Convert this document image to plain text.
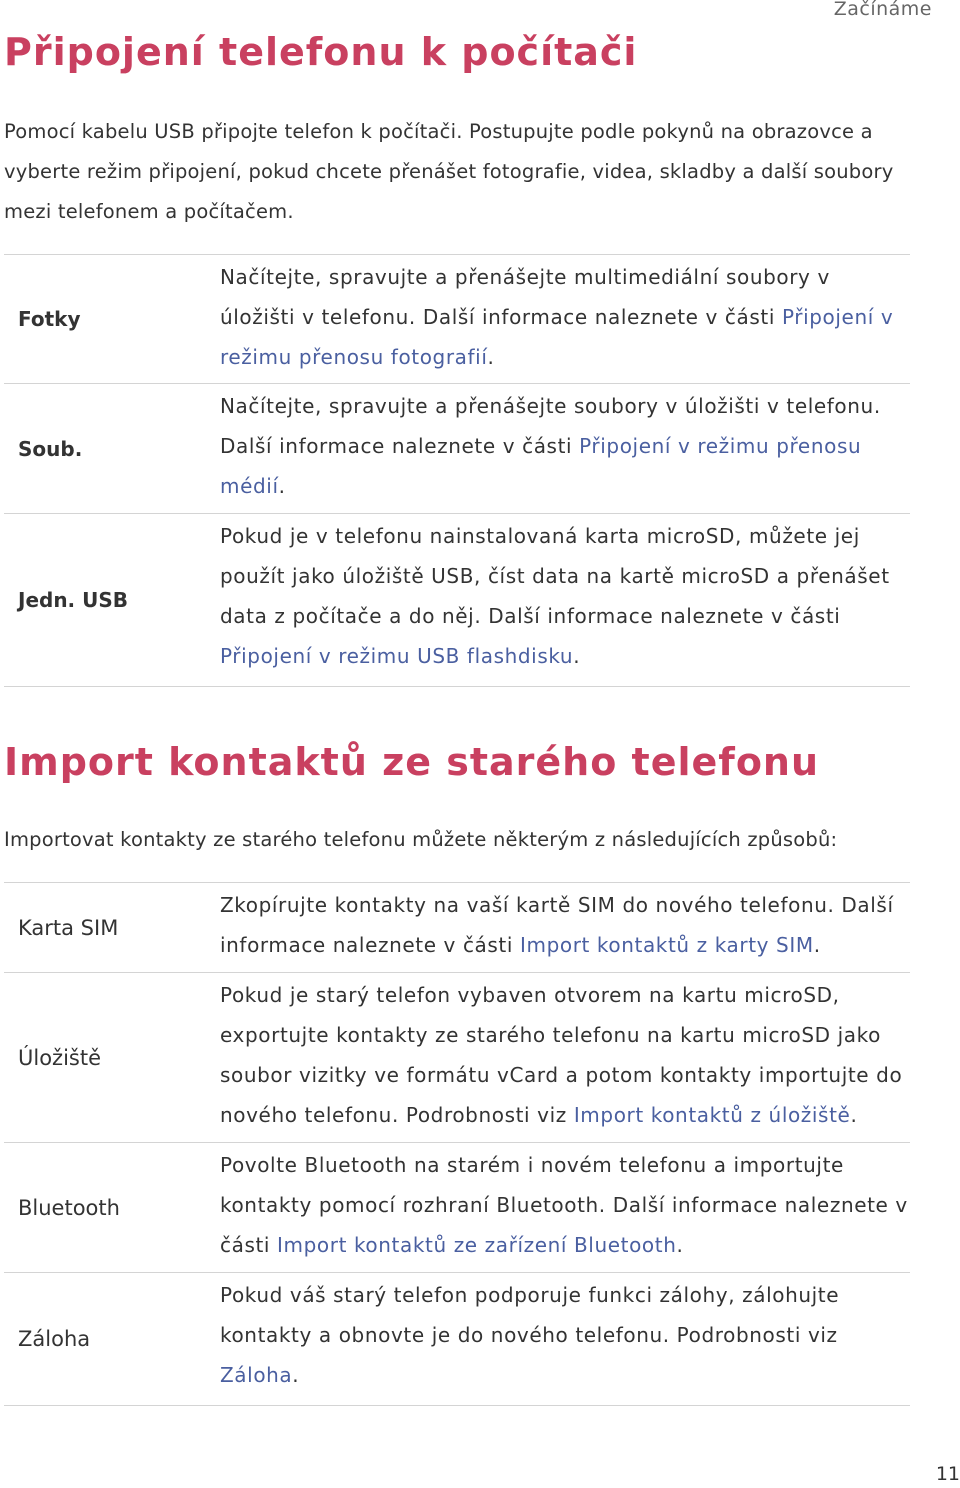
Začínáme
Připojení telefonu k počítači

Pomocí kabelu USB připojte telefon k počítači. Postupujte podle pokynů na obrazovce a vyberte režim připojení, pokud chcete přenášet fotografie, videa, skladby a další soubory mezi telefonem a počítačem.

Fotky
Načítejte, spravujte a přenášejte multimediální soubory v úložišti v telefonu. Další informace naleznete v části Připojení v režimu přenosu fotografií.
Soub.
Načítejte, spravujte a přenášejte soubory v úložišti v telefonu. Další informace naleznete v části Připojení v režimu přenosu médií.
Jedn. USB
Pokud je v telefonu nainstalovaná karta microSD, můžete jej použít jako úložiště USB, číst data na kartě microSD a přenášet data z počítače a do něj. Další informace naleznete v části Připojení v režimu USB flashdisku.
Import kontaktů ze starého telefonu

Importovat kontakty ze starého telefonu můžete některým z následujících způsobů:

Karta SIM
Zkopírujte kontakty na vaší kartě SIM do nového telefonu. Další informace naleznete v části Import kontaktů z karty SIM.
Úložiště
Pokud je starý telefon vybaven otvorem na kartu microSD, exportujte kontakty ze starého telefonu na kartu microSD jako soubor vizitky ve formátu vCard a potom kontakty importujte do nového telefonu. Podrobnosti viz Import kontaktů z úložiště.
Bluetooth
Povolte Bluetooth na starém i novém telefonu a importujte kontakty pomocí rozhraní Bluetooth. Další informace naleznete v části Import kontaktů ze zařízení Bluetooth.
Záloha
Pokud váš starý telefon podporuje funkci zálohy, zálohujte kontakty a obnovte je do nového telefonu. Podrobnosti viz Záloha.
11
